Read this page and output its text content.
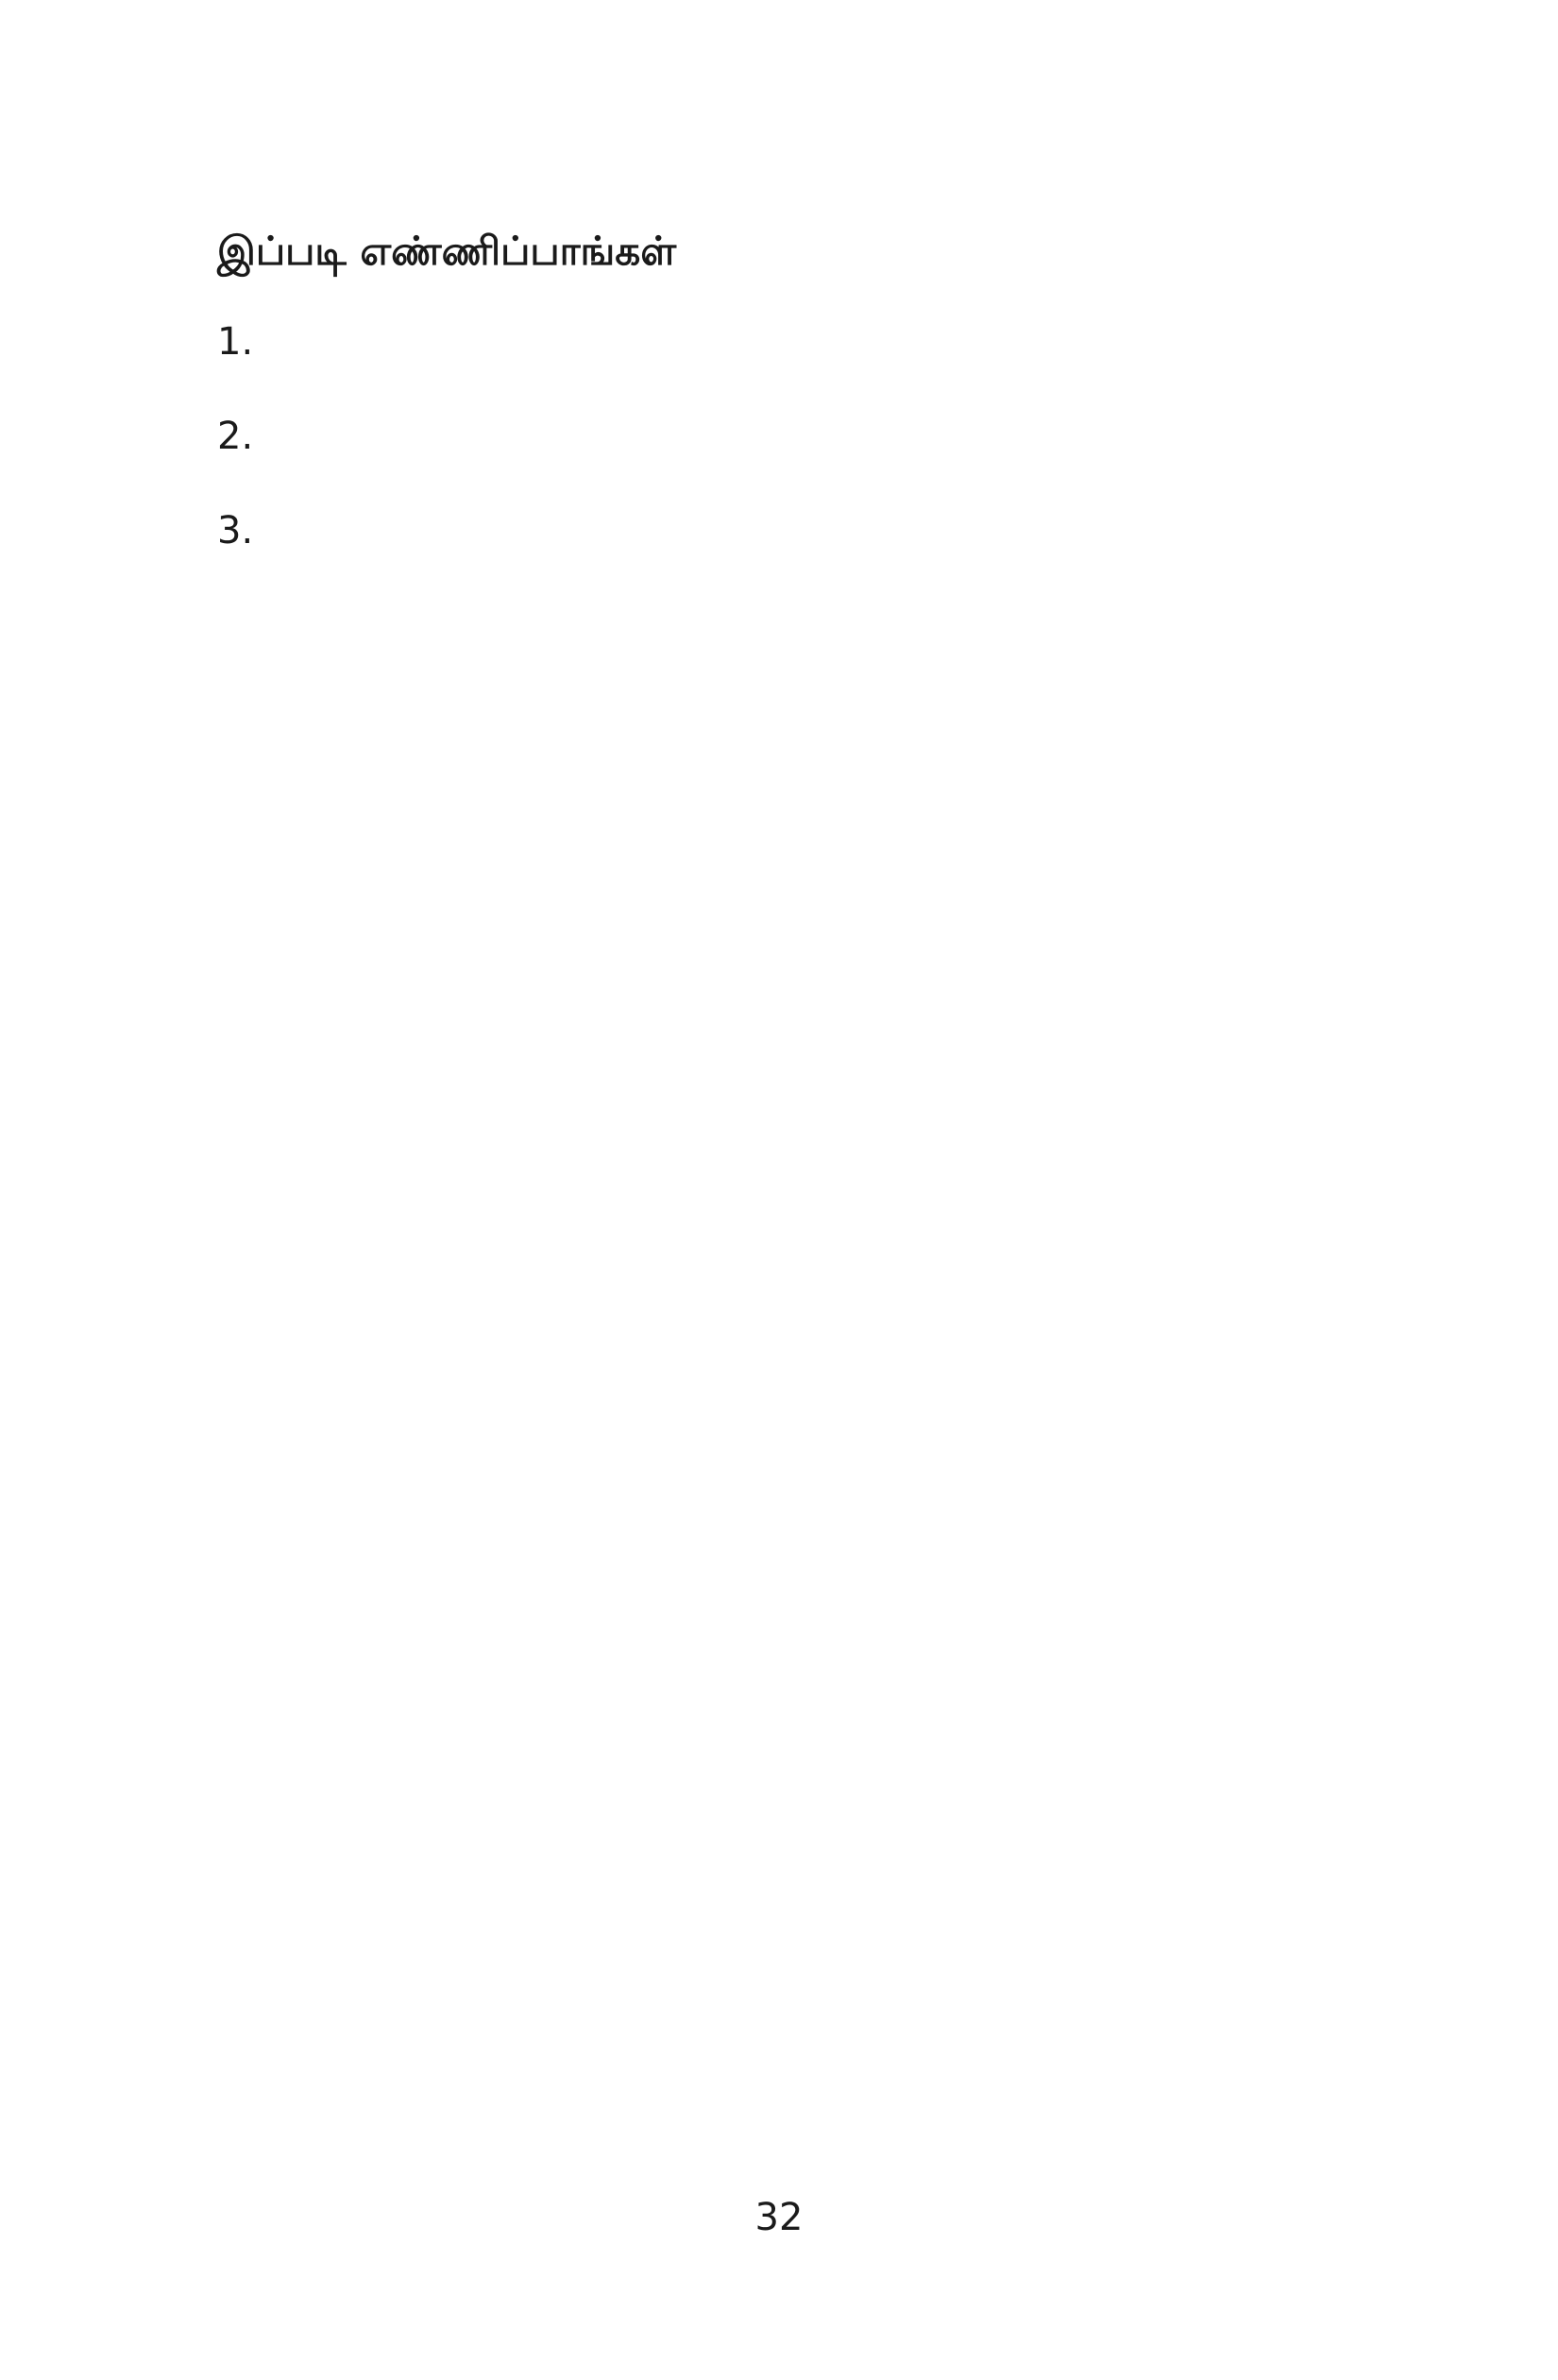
இப்படி எண்ணிப்பாங்கள்

1.

2.

3.

32
